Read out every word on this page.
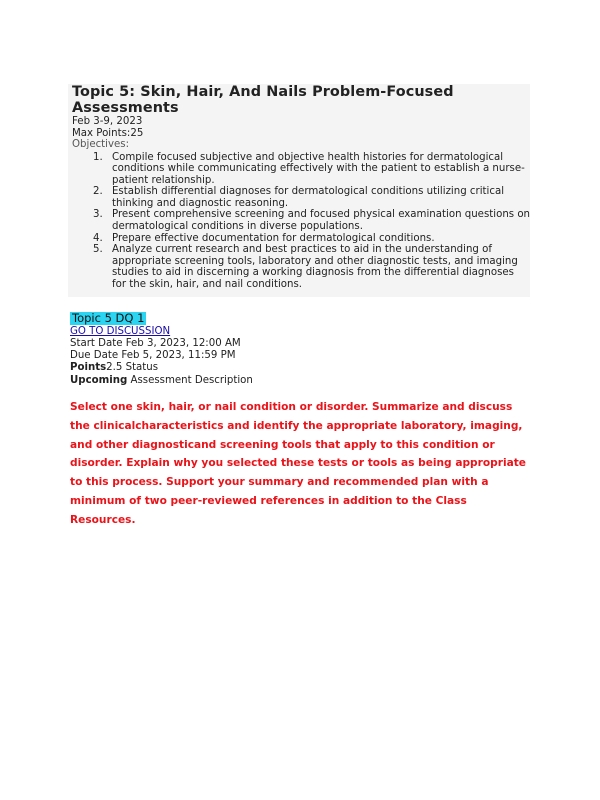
Topic 5: Skin, Hair, And Nails Problem-Focused Assessments
Feb 3-9, 2023
Max Points:25
Objectives:
1. Compile focused subjective and objective health histories for dermatological conditions while communicating effectively with the patient to establish a nurse-patient relationship.
2. Establish differential diagnoses for dermatological conditions utilizing critical thinking and diagnostic reasoning.
3. Present comprehensive screening and focused physical examination questions on dermatological conditions in diverse populations.
4. Prepare effective documentation for dermatological conditions.
5. Analyze current research and best practices to aid in the understanding of appropriate screening tools, laboratory and other diagnostic tests, and imaging studies to aid in discerning a working diagnosis from the differential diagnoses for the skin, hair, and nail conditions.
Topic 5 DQ 1
GO TO DISCUSSION
Start Date Feb 3, 2023, 12:00 AM
Due Date Feb 5, 2023, 11:59 PM
Points2.5 Status
Upcoming Assessment Description

Select one skin, hair, or nail condition or disorder. Summarize and discuss the clinicalcharacteristics and identify the appropriate laboratory, imaging, and other diagnosticand screening tools that apply to this condition or disorder. Explain why you selected these tests or tools as being appropriate to this process. Support your summary and recommended plan with a minimum of two peer-reviewed references in addition to the Class Resources.
